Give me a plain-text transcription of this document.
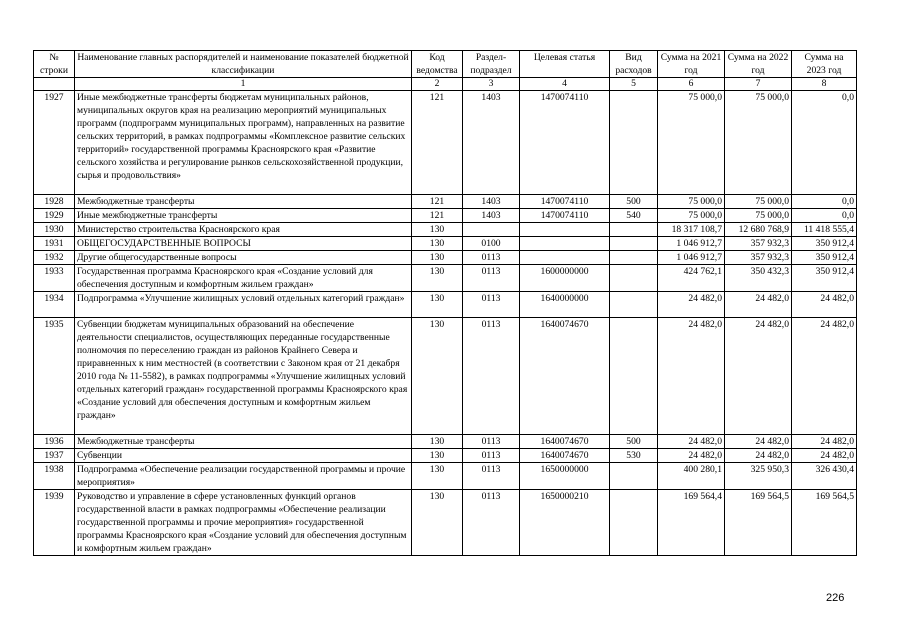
№ строки	Наименование главных распорядителей и наименование показателей бюджетной классификации	Код ведомства	Раздел-подраздел	Целевая статья	Вид расходов	Сумма на 2021 год	Сумма на 2022 год	Сумма на 2023 год
	1	2	3	4	5	6	7	8
1927	Иные межбюджетные трансферты бюджетам муниципальных районов, муниципальных округов края на реализацию мероприятий муниципальных программ (подпрограмм муниципальных программ), направленных на развитие сельских территорий, в рамках подпрограммы «Комплексное развитие сельских территорий» государственной программы Красноярского края «Развитие сельского хозяйства и регулирование рынков сельскохозяйственной продукции, сырья и продовольствия»	121	1403	1470074110		75 000,0	75 000,0	0,0
1928	Межбюджетные трансферты	121	1403	1470074110	500	75 000,0	75 000,0	0,0
1929	Иные межбюджетные трансферты	121	1403	1470074110	540	75 000,0	75 000,0	0,0
1930	Министерство строительства Красноярского края	130				18 317 108,7	12 680 768,9	11 418 555,4
1931	ОБЩЕГОСУДАРСТВЕННЫЕ ВОПРОСЫ	130	0100			1 046 912,7	357 932,3	350 912,4
1932	Другие общегосударственные вопросы	130	0113			1 046 912,7	357 932,3	350 912,4
1933	Государственная программа Красноярского края «Создание условий для обеспечения доступным и комфортным жильем граждан»	130	0113	1600000000		424 762,1	350 432,3	350 912,4
1934	Подпрограмма «Улучшение жилищных условий отдельных категорий граждан»	130	0113	1640000000		24 482,0	24 482,0	24 482,0
1935	Субвенции бюджетам муниципальных образований на обеспечение деятельности специалистов, осуществляющих переданные государственные полномочия по переселению граждан из районов Крайнего Севера и приравненных к ним местностей (в соответствии с Законом края от 21 декабря 2010 года № 11-5582), в рамках подпрограммы «Улучшение жилищных условий отдельных категорий граждан» государственной программы Красноярского края «Создание условий для обеспечения доступным и комфортным жильем граждан»	130	0113	1640074670		24 482,0	24 482,0	24 482,0
1936	Межбюджетные трансферты	130	0113	1640074670	500	24 482,0	24 482,0	24 482,0
1937	Субвенции	130	0113	1640074670	530	24 482,0	24 482,0	24 482,0
1938	Подпрограмма «Обеспечение реализации государственной программы и прочие мероприятия»	130	0113	1650000000		400 280,1	325 950,3	326 430,4
1939	Руководство и управление в сфере установленных функций органов государственной власти в рамках подпрограммы «Обеспечение реализации государственной программы и прочие мероприятия» государственной программы Красноярского края «Создание условий для обеспечения доступным и комфортным жильем граждан»	130	0113	1650000210		169 564,4	169 564,5	169 564,5
226
